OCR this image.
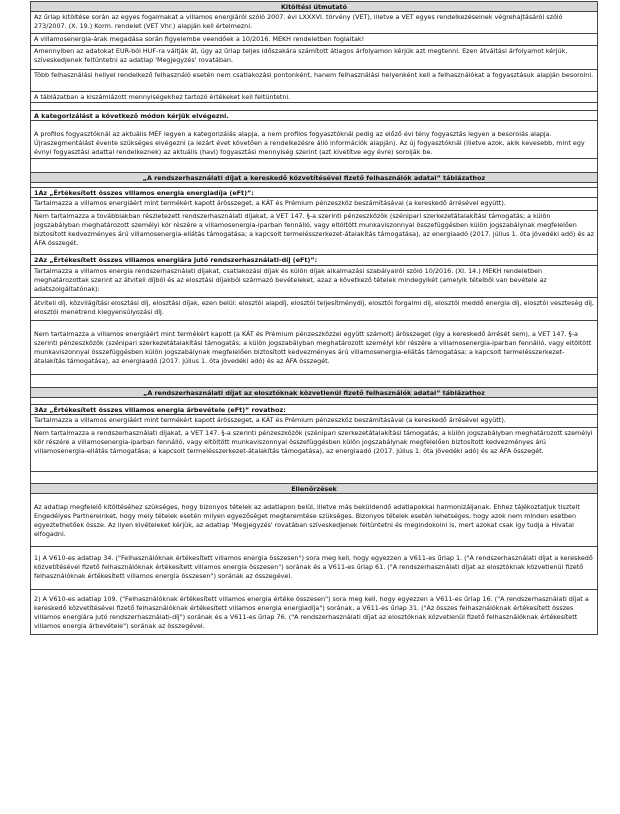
Kitöltési útmutató
Az űrlap kitöltése során az egyes fogalmakat a villamos energiáról szóló 2007. évi LXXXVI. törvény (VET), illetve a VET egyes rendelkezéseinek végrehajtásáról szóló 273/2007. (X. 19.) Korm. rendelet (VET Vhr.) alapján kell értelmezni.
A villamosenergia-árak megadása során figyelembe veendőek a 10/2016. MEKH rendeletben foglaltak!
Amennyiben az adatokat EUR-ból HUF-ra váltják át, úgy az űrlap teljes időszakára számított átlagos árfolyamon kérjük azt megtenni. Ezen átváltási árfolyamot kérjük, szíveskedjenek feltüntetni az adatlap 'Megjegyzés' rovatában.
Több felhasználási hellyel rendelkező felhasználó esetén nem csatlakozási pontonként, hanem felhasználási helyenként kell a felhasználókat a fogyasztásuk alapján besorolni.
A táblázatban a kiszámlázott mennyiségekhez tartozó értékeket kell feltüntetni.
A kategorizálást a következő módon kérjük elvégezni.
A profilos fogyasztóknál az aktuális MÉF legyen a kategorizálás alapja, a nem profilos fogyasztóknál pedig az előző évi tény fogyasztás legyen a besorolás alapja. Újraszegmentálást évente szükséges elvégezni (a lezárt évet követően a rendelkezésre álló információk alapján). Az új fogyasztóknál (illetve azok, akik kevesebb, mint egy évnyi fogyasztási adattal rendelkeznek) az aktuális (havi) fogyasztási mennyiség szerint (azt kivetítve egy évre) sorolják be.
„A rendszerhasználati díjat a kereskedő közvetítésével fizető felhasználók adatai” táblázathoz
1Az „Értékesített összes villamos energia energiadíja (eFt)”:
Tartalmazza a villamos energiáért mint termékért kapott árösszeget, a KÁT és Prémium pénzeszköz beszámításával (a kereskedő árrésével együtt).
Nem tartalmazza a továbbiakban részletezett rendszerhasználati díjakat, a VET 147. §-a szerinti pénzeszközök (szénipari szerkezetátalakítási támogatás; a külön jogszabályban meghatározott személyi kör részére a villamosenergia-iparban fennálló, vagy eltöltött munkaviszonnyal összefüggésben külön jogszabálynak megfelelően biztosított kedvezményes árú villamosenergia-ellátás támogatása; a kapcsolt termelésszerkezet-átalakítás támogatása), az energiaadó (2017. július 1. óta jövedéki adó) és az ÁFA összegét.
2Az „Értékesített összes villamos energiára jutó rendszerhasználati-díj (eFt)”:
Tartalmazza a villamos energia rendszerhasználati díjakat, csatlakozási díjak és külön díjak alkalmazási szabályairól szóló 10/2016. (XI. 14.) MEKH rendeletben meghatározottak szerint az átviteli díjból és az elosztási díjakból származó bevételeket, azaz a következő tételek mindegyikét (amelyik tételből van bevétele az adatszolgáltatónak):
átviteli díj, közvilágítási elosztási díj, elosztási díjak, ezen belül: elosztói alapdíj, elosztói teljesítménydíj, elosztói forgalmi díj, elosztói meddő energia díj, elosztói veszteség díj, elosztói menetrend kiegyensúlyozási díj.
Nem tartalmazza a villamos energiáért mint termékért kapott (a KÁT és Prémium pénzeszközzel együtt számolt) árösszeget (így a kereskedő árrését sem), a VET 147. §-a szerinti pénzeszközök (szénipari szerkezetátalakítási támogatás; a külön jogszabályban meghatározott személyi kör részére a villamosenergia-iparban fennálló, vagy eltöltött munkaviszonnyal összefüggésben külön jogszabálynak megfelelően biztosított kedvezményes árú villamosenergia-ellátás támogatása; a kapcsolt termelésszerkezet-átalakítás támogatása), az energiaadó (2017. július 1. óta jövedéki adó) és az ÁFA összegét.
„A rendszerhasználati díjat az elosztóknak közvetlenül fizető felhasználók adatai” táblázathoz
3Az „Értékesített összes villamos energia árbevétele (eFt)” rovathoz:
Tartalmazza a villamos energiáért mint termékért kapott árösszeget, a KÁT és Prémium pénzeszköz beszámításával (a kereskedő árrésével együtt).
Nem tartalmazza a rendszerhasználati díjakat, a VET 147. §-a szerinti pénzeszközök (szénipari szerkezetátalakítási támogatás; a külön jogszabályban meghatározott személyi kör részére a villamosenergia-iparban fennálló, vagy eltöltött munkaviszonnyal összefüggésben külön jogszabálynak megfelelően biztosított kedvezményes árú villamosenergia-ellátás támogatása; a kapcsolt termelésszerkezet-átalakítás támogatása), az energiaadó (2017. július 1. óta jövedéki adó) és az ÁFA összegét.
Ellenőrzések
Az adatlap megfelelő kitöltéséhez szükséges, hogy bizonyos tételek az adatlapon belül, illetve más beküldendő adatlapokkal harmonizáljanak. Ehhez tájékoztatjuk tisztelt Engedélyes Partnereinket, hogy mely tételek esetén milyen egyezőséget megteremtése szükséges. Bizonyos tételek esetén lehetséges, hogy azok nem minden esetben egyeztethetőek össze. Az ilyen kivételeket kérjük, az adatlap 'Megjegyzés' rovatában szíveskedjenek feltüntetni és megindokolni is, mert azokat csak így tudja a Hivatal elfogadni.
1) A V610-es adatlap 34. ("Felhasználóknak értékesített villamos energia összesen") sora meg kell, hogy egyezzen a V611-es űrlap 1. ("A rendszerhasználati díjat a kereskedő közvetítésével fizető felhasználóknak értékesített villamos energia összesen") sorának és a V611-es űrlap 61. ("A rendszerhasználati díjat az elosztóknak közvetlenül fizető felhasználóknak értékesített villamos energia összesen") sorának az összegével.
2) A V610-es adatlap 109. ("Felhasználóknak értékesített villamos energia értéke összesen") sora meg kell, hogy egyezzen a V611-es űrlap 16. ("A rendszerhasználati díjat a kereskedő közvetítésével fizető felhasználóknak értékesített villamos energia energiadíja") sorának, a V611-es űrlap 31. ("Az összes felhasználóknak értékesített összes villamos energiára jutó rendszerhasználati-díj") sorának és a V611-es űrlap 76. ("A rendszerhasználati díjat az elosztóknak közvetlenül fizető felhasználóknak értékesített villamos energia árbevétele") sorának az összegével.
